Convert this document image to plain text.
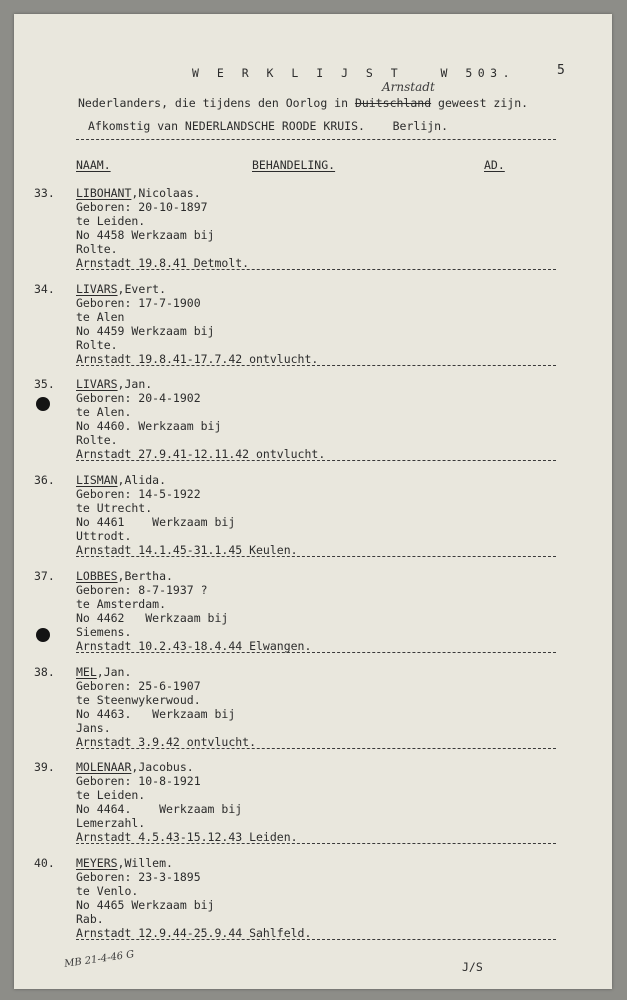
W E R K L I J S T   W 503.	5
Arnstadt
Nederlanders, die tijdens den Oorlog in Duitschland geweest zijn.
Afkomstig van NEDERLANDSCHE ROODE KRUIS.    Berlijn.
NAAM.	BEHANDELING.	AD.
33. LIBOHANT,Nicolaas.
Geboren: 20-10-1897
te Leiden.
No 4458 Werkzaam bij
Rolte.
Arnstadt 19.8.41 Detmolt.
34. LIVARS,Evert.
Geboren: 17-7-1900
te Alen
No 4459 Werkzaam bij
Rolte.
Arnstadt 19.8.41-17.7.42 ontvlucht.
35. LIVARS,Jan.
Geboren: 20-4-1902
te Alen.
No 4460. Werkzaam bij
Rolte.
Arnstadt 27.9.41-12.11.42 ontvlucht.
36. LISMAN,Alida.
Geboren: 14-5-1922
te Utrecht.
No 4461    Werkzaam bij
Uttrodt.
Arnstadt 14.1.45-31.1.45 Keulen.
37. LOBBES,Bertha.
Geboren: 8-7-1937 ?
te Amsterdam.
No 4462   Werkzaam bij
Siemens.
Arnstadt 10.2.43-18.4.44 Elwangen.
38. MEL,Jan.
Geboren: 25-6-1907
te Steenwykerwoud.
No 4463.   Werkzaam bij
Jans.
Arnstadt 3.9.42 ontvlucht.
39. MOLENAAR,Jacobus.
Geboren: 10-8-1921
te Leiden.
No 4464.    Werkzaam bij
Lemerzahl.
Arnstadt 4.5.43-15.12.43 Leiden.
40. MEYERS,Willem.
Geboren: 23-3-1895
te Venlo.
No 4465 Werkzaam bij
Rab.
Arnstadt 12.9.44-25.9.44 Sahlfeld.
MB 21-4-46 G	J/S
